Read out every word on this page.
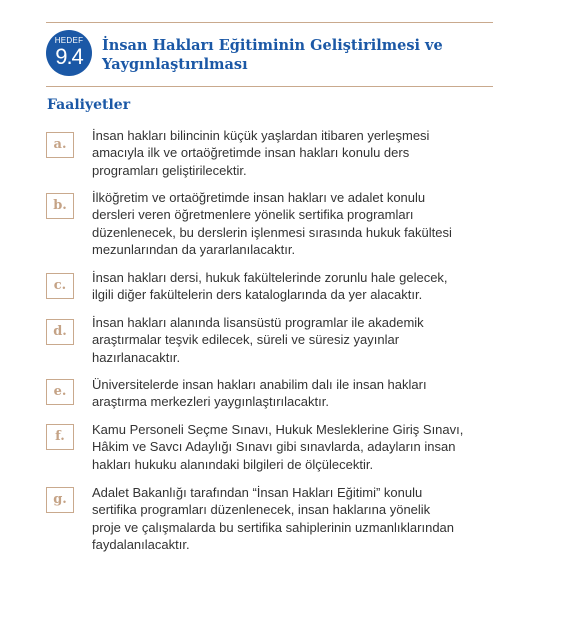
HEDEF
9.4	İnsan Hakları Eğitiminin Geliştirilmesi ve
Yaygınlaştırılması
Faaliyetler
a.
İnsan hakları bilincinin küçük yaşlardan itibaren yerleşmesi
amacıyla ilk ve ortaöğretimde insan hakları konulu ders
programları geliştirilecektir.
b.
İlköğretim ve ortaöğretimde insan hakları ve adalet konulu
dersleri veren öğretmenlere yönelik sertifika programları
düzenlenecek, bu derslerin işlenmesi sırasında hukuk fakültesi
mezunlarından da yararlanılacaktır.
c.
İnsan hakları dersi, hukuk fakültelerinde zorunlu hale gelecek,
ilgili diğer fakültelerin ders kataloglarında da yer alacaktır.
d.
İnsan hakları alanında lisansüstü programlar ile akademik
araştırmalar teşvik edilecek, süreli ve süresiz yayınlar
hazırlanacaktır.
e.	Üniversitelerde insan hakları anabilim dalı ile insan hakları
araştırma merkezleri yaygınlaştırılacaktır.
f.	Kamu Personeli Seçme Sınavı, Hukuk Mesleklerine Giriş Sınavı,
Hâkim ve Savcı Adaylığı Sınavı gibi sınavlarda, adayların insan
hakları hukuku alanındaki bilgileri de ölçülecektir.
g.	Adalet Bakanlığı tarafından “İnsan Hakları Eğitimi” konulu
sertifika programları düzenlenecek, insan haklarına yönelik
proje ve çalışmalarda bu sertifika sahiplerinin uzmanlıklarından
faydalanılacaktır.
